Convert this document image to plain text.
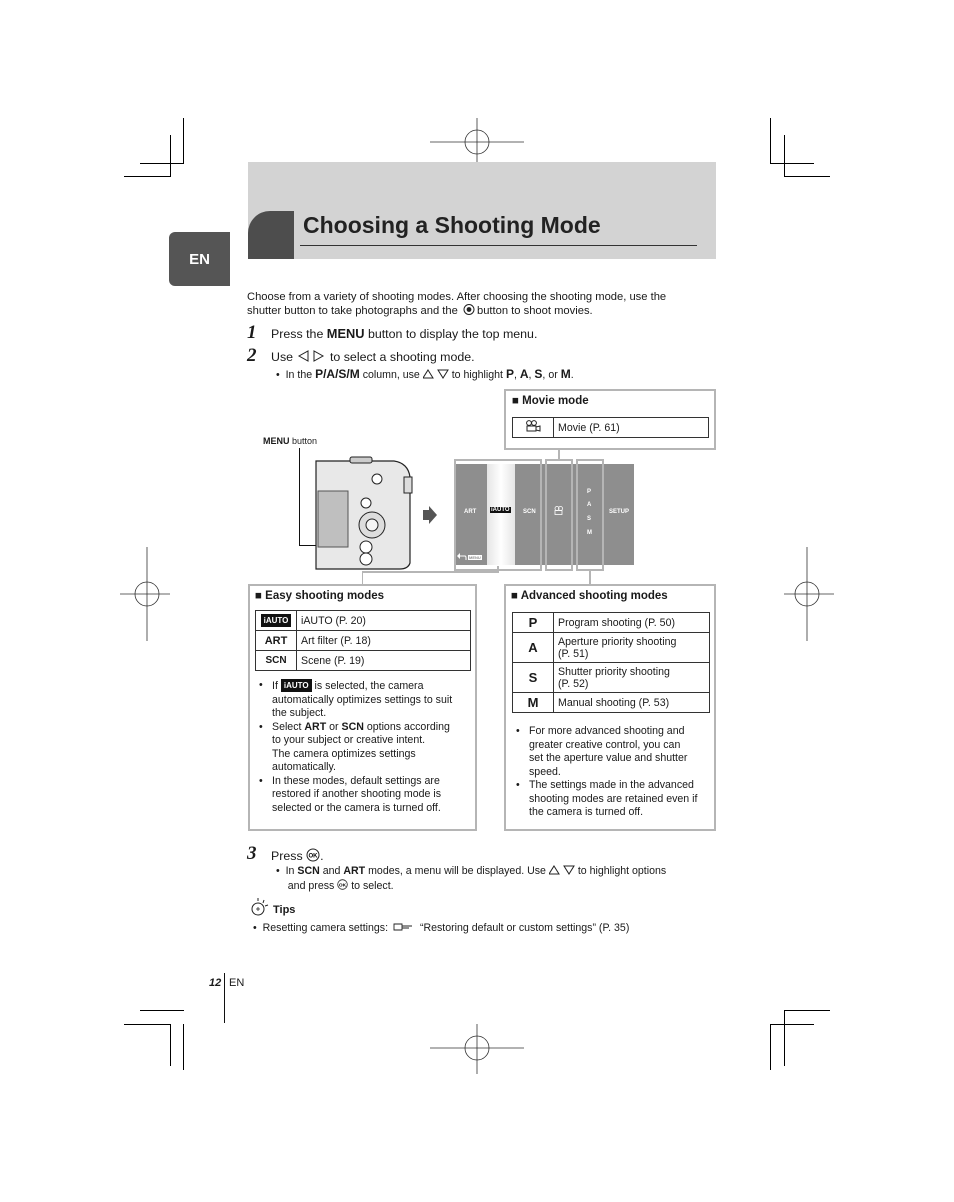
Choosing a Shooting Mode
EN
Choose from a variety of shooting modes. After choosing the shooting mode, use the
shutter button to take photographs and the button to shoot movies.
1 Press the MENU button to display the top menu.
2 Use	to select a shooting mode.
•  In the P/A/S/M column, use	to highlight P, A, S, or M.
■ Movie mode
	Movie (P. 61)
MENU button
ART iAUTO SCN
P
A
S
M
SETUP
MENU
■ Easy shooting modes
iAUTO	iAUTO (P. 20)
ART	Art filter (P. 18)
SCN	Scene (P. 19)
• If iAUTO is selected, the camera
automatically optimizes settings to suit
the subject.
• Select ART or SCN options according
to your subject or creative intent.
The camera optimizes settings
automatically.
• In these modes, default settings are
restored if another shooting mode is
selected or the camera is turned off.
■ Advanced shooting modes
P	Program shooting (P. 50)
A	Aperture priority shooting
(P. 51)
S	Shutter priority shooting
(P. 52)
M	Manual shooting (P. 53)
• For more advanced shooting and
greater creative control, you can
set the aperture value and shutter
speed.
• The settings made in the advanced
shooting modes are retained even if
the camera is turned off.
3 Press OK .
•  In SCN and ART modes, a menu will be displayed. Use	to highlight options
and press OK to select.
Tips
•  Resetting camera settings:	“Restoring default or custom settings” (P. 35)
12 EN
